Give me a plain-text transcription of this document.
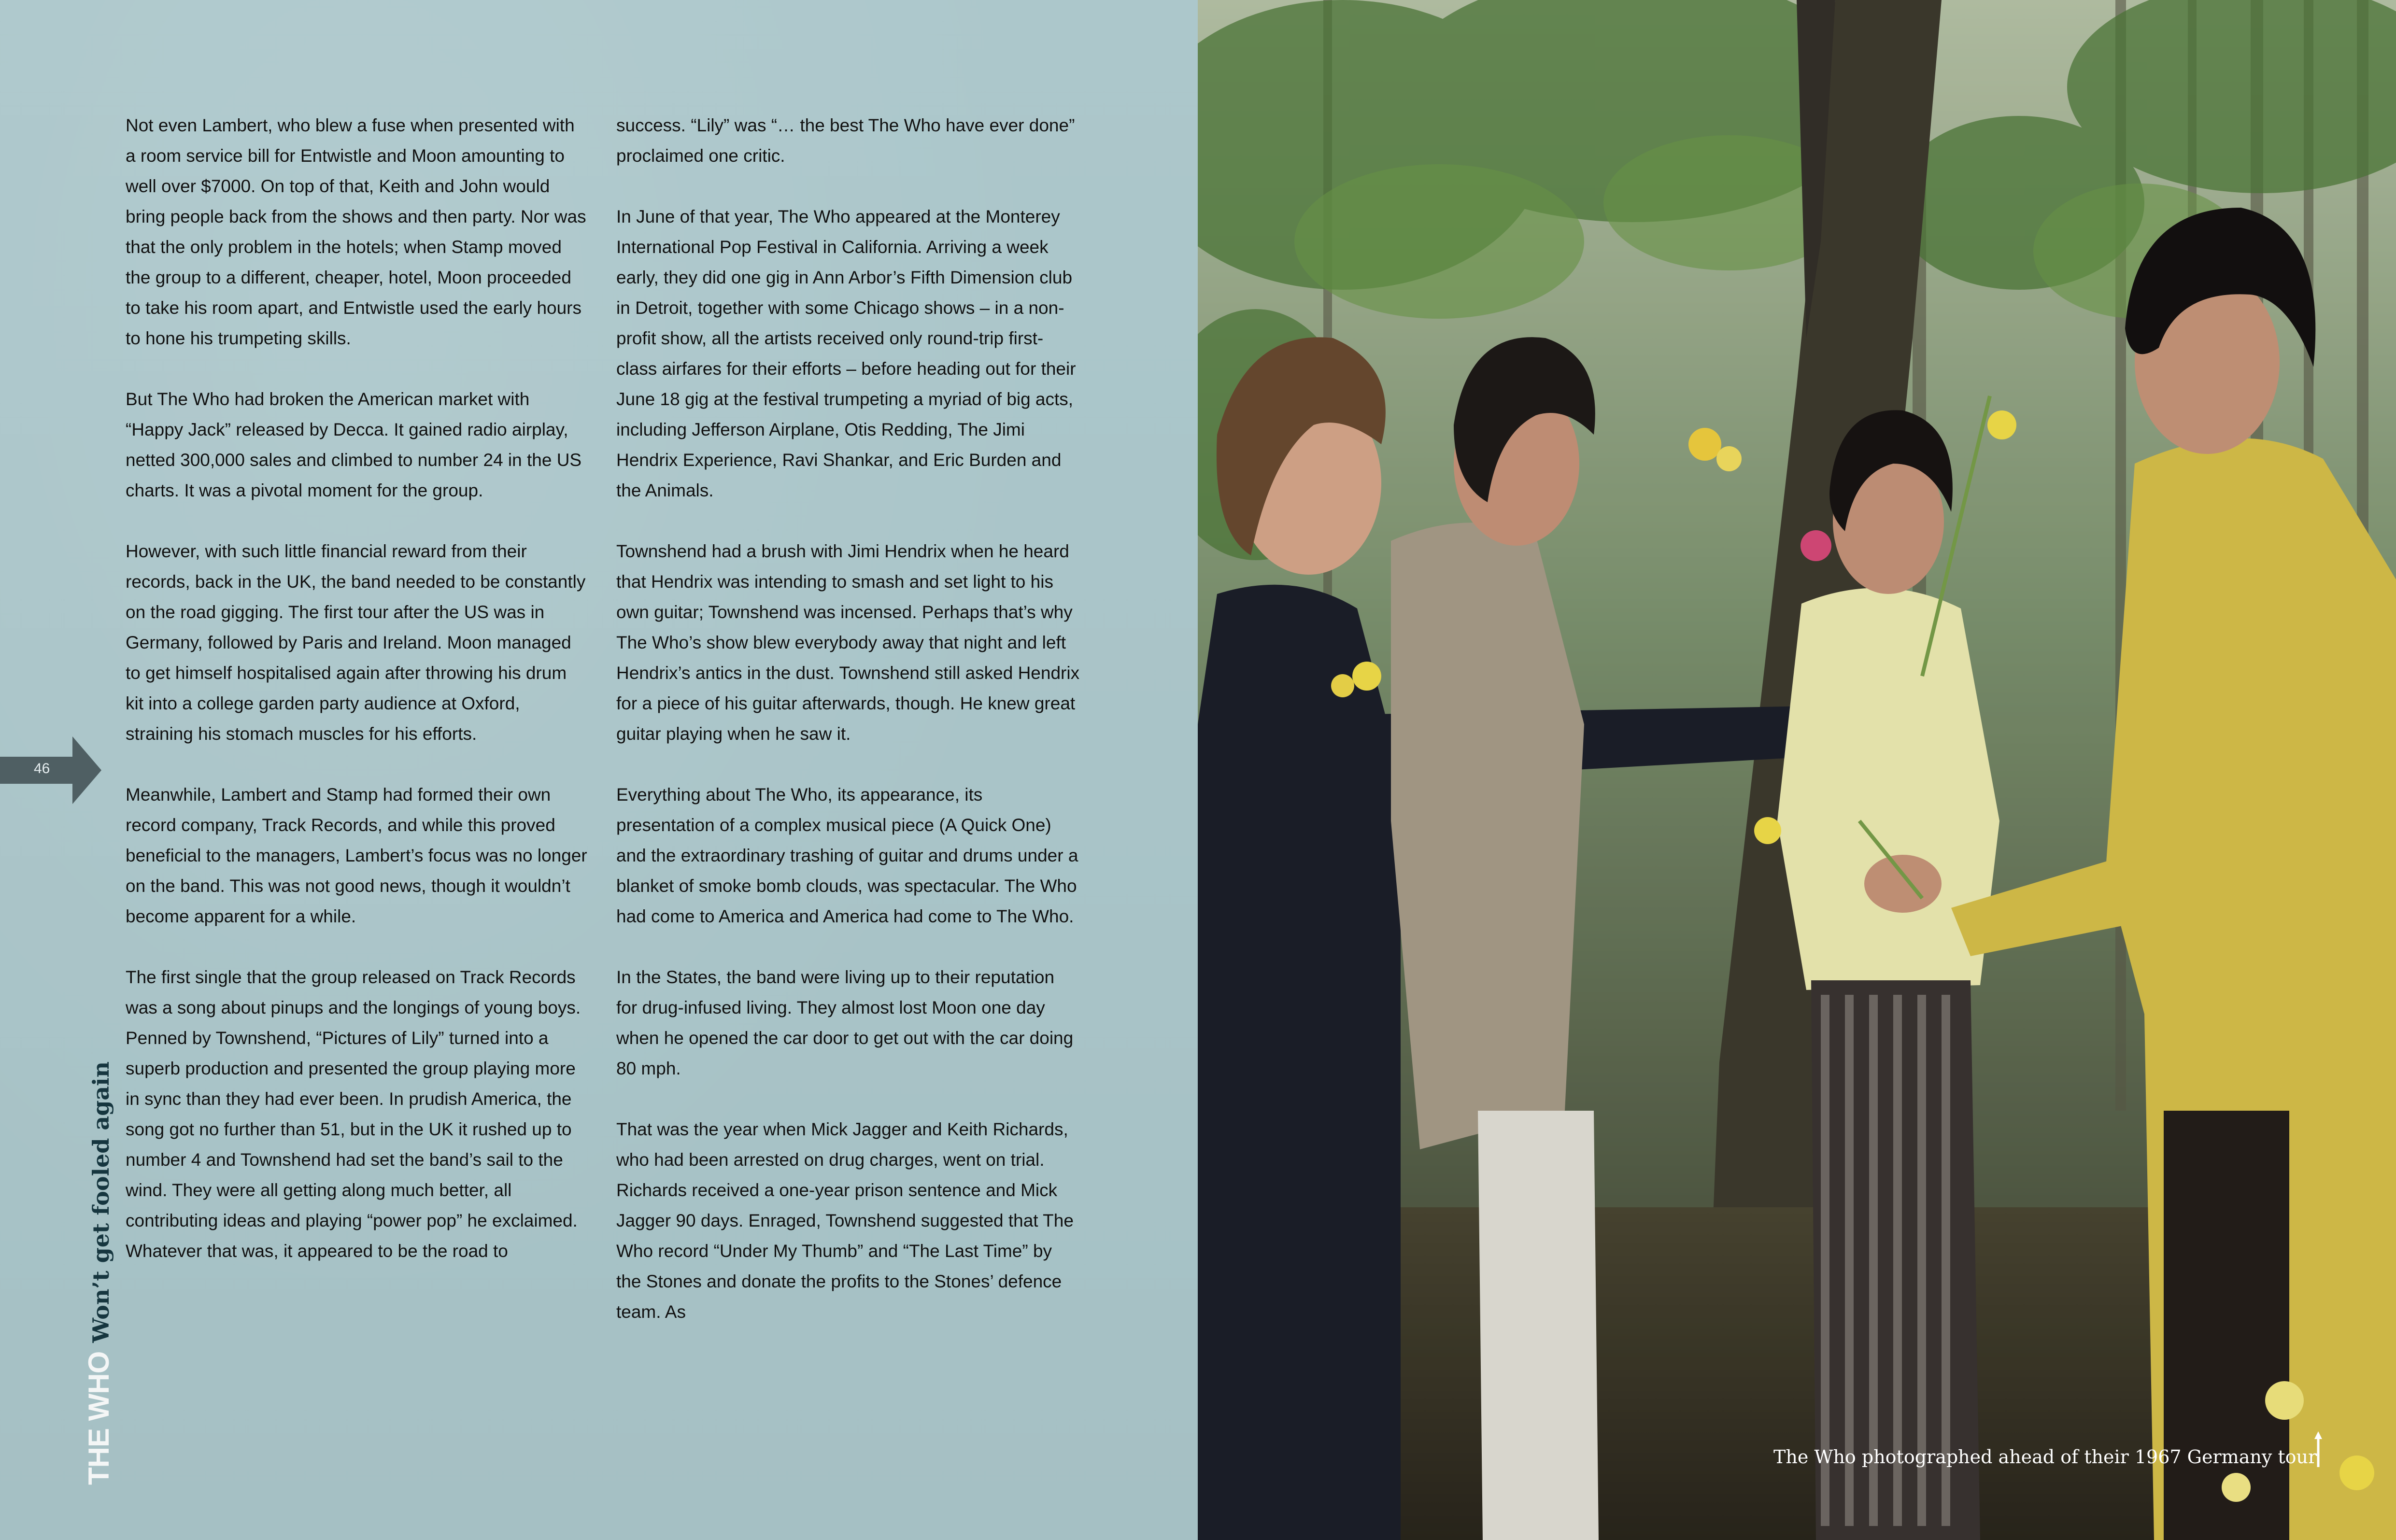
Not even Lambert, who blew a fuse when presented with a room service bill for Entwistle and Moon amounting to well over $7000. On top of that, Keith and John would bring people back from the shows and then party. Nor was that the only problem in the hotels; when Stamp moved the group to a different, cheaper, hotel, Moon proceeded to take his room apart, and Entwistle used the early hours to hone his trumpeting skills.

But The Who had broken the American market with “Happy Jack” released by Decca. It gained radio airplay, netted 300,000 sales and climbed to number 24 in the US charts. It was a pivotal moment for the group.

However, with such little financial reward from their records, back in the UK, the band needed to be constantly on the road gigging. The first tour after the US was in Germany, followed by Paris and Ireland. Moon managed to get himself hospitalised again after throwing his drum kit into a college garden party audience at Oxford, straining his stomach muscles for his efforts.

Meanwhile, Lambert and Stamp had formed their own record company, Track Records, and while this proved beneficial to the managers, Lambert’s focus was no longer on the band. This was not good news, though it wouldn’t become apparent for a while.

The first single that the group released on Track Records was a song about pinups and the longings of young boys. Penned by Townshend, “Pictures of Lily” turned into a superb production and presented the group playing more in sync than they had ever been. In prudish America, the song got no further than 51, but in the UK it rushed up to number 4 and Townshend had set the band’s sail to the wind. They were all getting along much better, all contributing ideas and playing “power pop” he exclaimed. Whatever that was, it appeared to be the road to

success. “Lily” was “… the best The Who have ever done” proclaimed one critic.

In June of that year, The Who appeared at the Monterey International Pop Festival in California. Arriving a week early, they did one gig in Ann Arbor’s Fifth Dimension club in Detroit, together with some Chicago shows – in a non-profit show, all the artists received only round-trip first-class airfares for their efforts – before heading out for their June 18 gig at the festival trumpeting a myriad of big acts, including Jefferson Airplane, Otis Redding, The Jimi Hendrix Experience, Ravi Shankar, and Eric Burden and the Animals.

Townshend had a brush with Jimi Hendrix when he heard that Hendrix was intending to smash and set light to his own guitar; Townshend was incensed. Perhaps that’s why The Who’s show blew everybody away that night and left Hendrix’s antics in the dust. Townshend still asked Hendrix for a piece of his guitar afterwards, though. He knew great guitar playing when he saw it.

Everything about The Who, its appearance, its presentation of a complex musical piece (A Quick One) and the extraordinary trashing of guitar and drums under a blanket of smoke bomb clouds, was spectacular. The Who had come to America and America had come to The Who.

In the States, the band were living up to their reputation for drug-infused living. They almost lost Moon one day when he opened the car door to get out with the car doing 80 mph.

That was the year when Mick Jagger and Keith Richards, who had been arrested on drug charges, went on trial. Richards received a one-year prison sentence and Mick Jagger 90 days. Enraged, Townshend suggested that The Who record “Under My Thumb” and “The Last Time” by the Stones and donate the profits to the Stones’ defence team. As

46
THE WHO Won’t get fooled again
The Who photographed ahead of their 1967 Germany tour
